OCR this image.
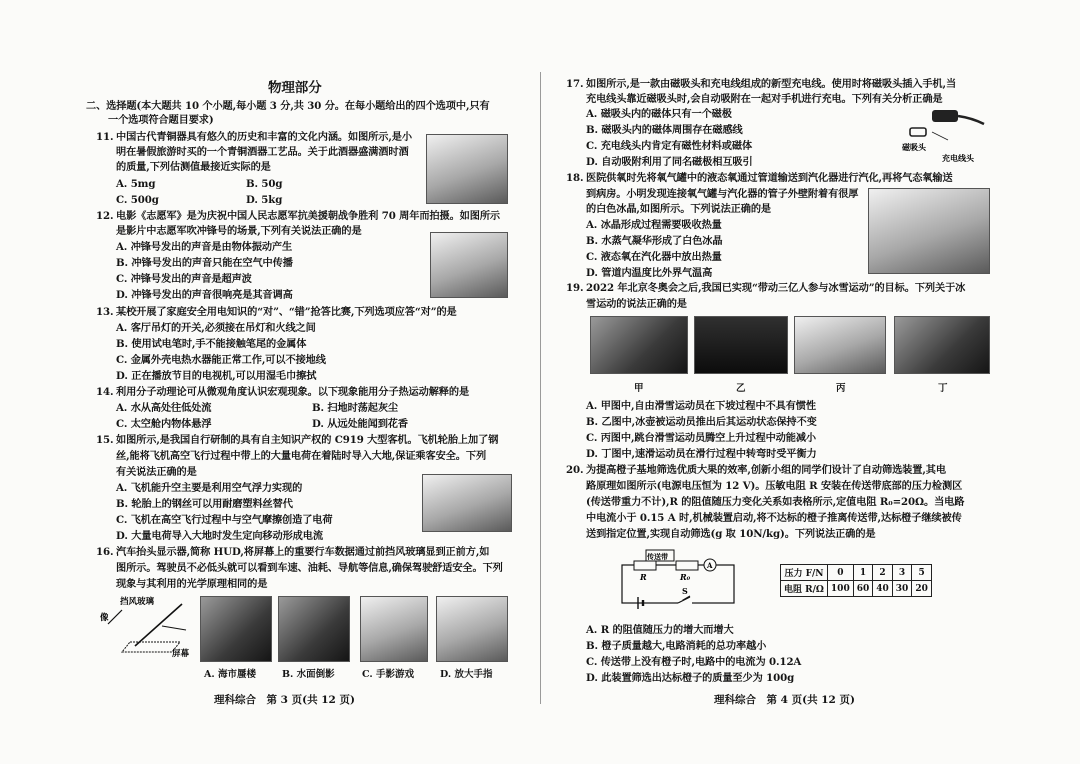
物理部分
二、选择题(本大题共 10 个小题,每小题 3 分,共 30 分。在每小题给出的四个选项中,只有
一个选项符合题目要求)
11. 中国古代青铜器具有悠久的历史和丰富的文化内涵。如图所示,是小
明在暑假旅游时买的一个青铜酒器工艺品。关于此酒器盛满酒时酒
的质量,下列估测值最接近实际的是
A. 5mg	B. 50g
C. 500g	D. 5kg
12. 电影《志愿军》是为庆祝中国人民志愿军抗美援朝战争胜利 70 周年而拍摄。如图所示
是影片中志愿军吹冲锋号的场景,下列有关说法正确的是
A. 冲锋号发出的声音是由物体振动产生
B. 冲锋号发出的声音只能在空气中传播
C. 冲锋号发出的声音是超声波
D. 冲锋号发出的声音很响亮是其音调高
13. 某校开展了家庭安全用电知识的“对”、“错”抢答比赛,下列选项应答“对”的是
A. 客厅吊灯的开关,必须接在吊灯和火线之间
B. 使用试电笔时,手不能接触笔尾的金属体
C. 金属外壳电热水器能正常工作,可以不接地线
D. 正在播放节目的电视机,可以用湿毛巾擦拭
14. 利用分子动理论可从微观角度认识宏观现象。以下现象能用分子热运动解释的是
A. 水从高处往低处流	B. 扫地时荡起灰尘
C. 太空舱内物体悬浮	D. 从远处能闻到花香
15. 如图所示,是我国自行研制的具有自主知识产权的 C919 大型客机。飞机轮胎上加了钢
丝,能将飞机高空飞行过程中带上的大量电荷在着陆时导入大地,保证乘客安全。下列
有关说法正确的是
A. 飞机能升空主要是利用空气浮力实现的
B. 轮胎上的钢丝可以用耐磨塑料丝替代
C. 飞机在高空飞行过程中与空气摩擦创造了电荷
D. 大量电荷导入大地时发生定向移动形成电流
16. 汽车抬头显示器,简称 HUD,将屏幕上的重要行车数据通过前挡风玻璃显到正前方,如
图所示。驾驶员不必低头就可以看到车速、油耗、导航等信息,确保驾驶舒适安全。下列
现象与其利用的光学原理相同的是
挡风玻璃
像
屏幕
A. 海市蜃楼	B. 水面倒影	C. 手影游戏	D. 放大手指
理科综合　第 3 页(共 12 页)
17. 如图所示,是一款由磁吸头和充电线组成的新型充电线。使用时将磁吸头插入手机,当
充电线头靠近磁吸头时,会自动吸附在一起对手机进行充电。下列有关分析正确是
A. 磁吸头内的磁体只有一个磁极
B. 磁吸头内的磁体周围存在磁感线
C. 充电线头内肯定有磁性材料或磁体
D. 自动吸附利用了同名磁极相互吸引
磁吸头
充电线头
18. 医院供氧时先将氧气罐中的液态氧通过管道输送到汽化器进行汽化,再将气态氧输送
到病房。小明发现连接氧气罐与汽化器的管子外壁附着有很厚
的白色冰晶,如图所示。下列说法正确的是
A. 冰晶形成过程需要吸收热量
B. 水蒸气凝华形成了白色冰晶
C. 液态氧在汽化器中放出热量
D. 管道内温度比外界气温高
19. 2022 年北京冬奥会之后,我国已实现“带动三亿人参与冰雪运动”的目标。下列关于冰
雪运动的说法正确的是
甲	乙	丙	丁
A. 甲图中,自由滑雪运动员在下坡过程中不具有惯性
B. 乙图中,冰壶被运动员推出后其运动状态保持不变
C. 丙图中,跳台滑雪运动员腾空上升过程中动能减小
D. 丁图中,速滑运动员在滑行过程中转弯时受平衡力
20. 为提高橙子基地筛选优质大果的效率,创新小组的同学们设计了自动筛选装置,其电
路原理如图所示(电源电压恒为 12 V)。压敏电阻 R 安装在传送带底部的压力检测区
(传送带重力不计),R 的阻值随压力变化关系如表格所示,定值电阻 R₀=20Ω。当电路
中电流小于 0.15 A 时,机械装置启动,将不达标的橙子推离传送带,达标橙子继续被传
送到指定位置,实现自动筛选(g 取 10N/kg)。下列说法正确的是
传送带
R	R₀
A
S
压力 F/N	0	1	2	3	5
电阻 R/Ω	100	60	40	30	20
A. R 的阻值随压力的增大而增大
B. 橙子质量越大,电路消耗的总功率越小
C. 传送带上没有橙子时,电路中的电流为 0.12A
D. 此装置筛选出达标橙子的质量至少为 100g
理科综合　第 4 页(共 12 页)
